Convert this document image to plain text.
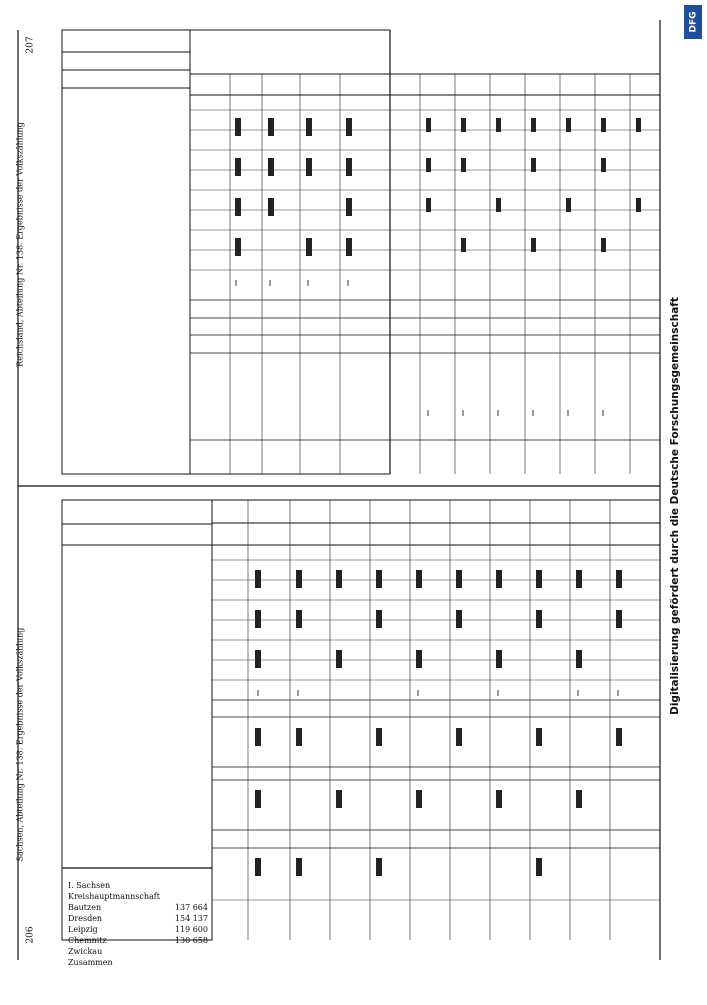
I. Sachsen
Kreishauptmannschaft
Bautzen	137 664
Dresden	154 137
Leipzig	119 600
Chemnitz	130 658
Zwickau
Zusammen
206
207
Sachsen, Abteilung Nr. 138. Ergebnisse der Volkszählung
Reichsland, Abteilung Nr. 138. Ergebnisse der Volkszählung
DFG
Digitalisierung gefördert durch die Deutsche Forschungsgemeinschaft
